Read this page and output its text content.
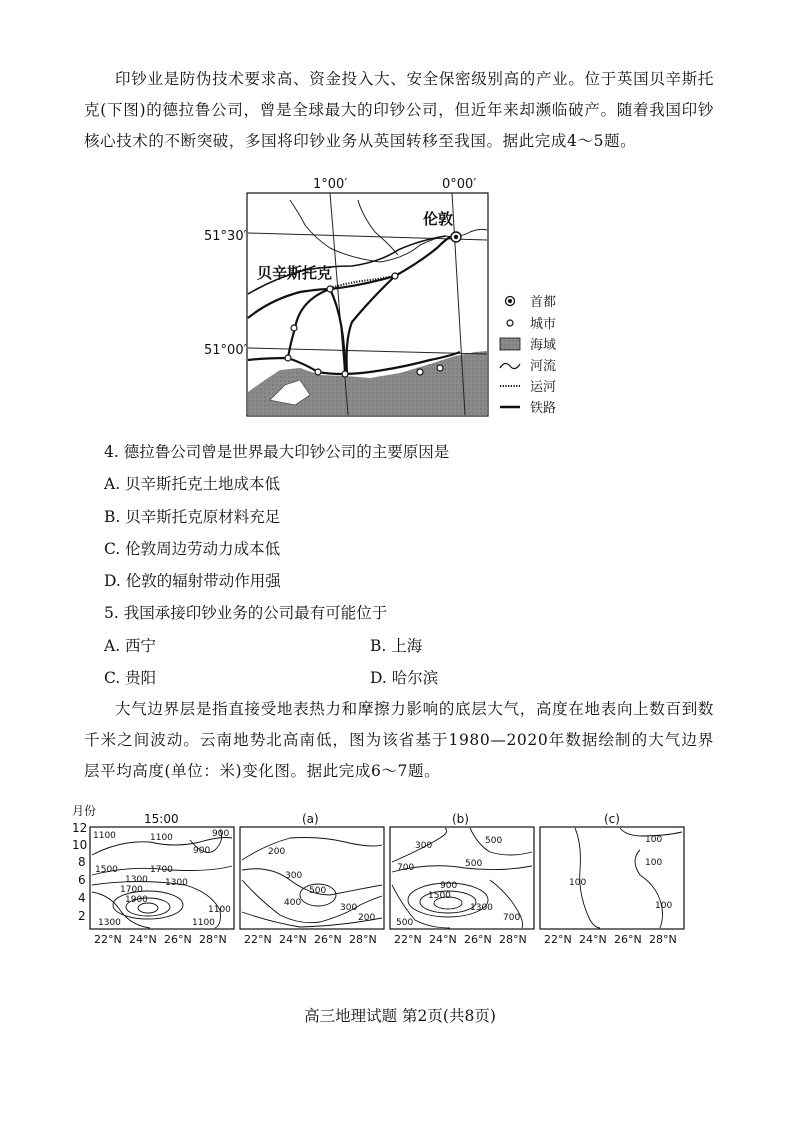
印钞业是防伪技术要求高、资金投入大、安全保密级别高的产业。位于英国贝辛斯托克(下图)的德拉鲁公司，曾是全球最大的印钞公司，但近年来却濒临破产。随着我国印钞核心技术的不断突破，多国将印钞业务从英国转移至我国。据此完成4～5题。

1°00′	0°00′
51°30′
51°00′
伦敦
贝辛斯托克
首都
城市
海域
河流
运河
铁路

4. 德拉鲁公司曾是世界最大印钞公司的主要原因是

A. 贝辛斯托克土地成本低

B. 贝辛斯托克原材料充足

C. 伦敦周边劳动力成本低

D. 伦敦的辐射带动作用强

5. 我国承接印钞业务的公司最有可能位于

A. 西宁	B. 上海

C. 贵阳	D. 哈尔滨

大气边界层是指直接受地表热力和摩擦力影响的底层大气，高度在地表向上数百到数千米之间波动。云南地势北高南低，图为该省基于1980—2020年数据绘制的大气边界层平均高度(单位：米)变化图。据此完成6～7题。

月份
12
10
8
6
4
2
15:00
1100	1100
900
900
1500
1300
1700
1900
1300
1100
1700
1300
1100
22°N 24°N 26°N 28°N
(a)
200
300
500
400	300
200
22°N 24°N 26°N 28°N
(b)
300	500
500
700
900
1500
1300
700
500
22°N 24°N 26°N 28°N
(c)
100
100
100
100
22°N 24°N 26°N 28°N
高三地理试题 第2页(共8页)
